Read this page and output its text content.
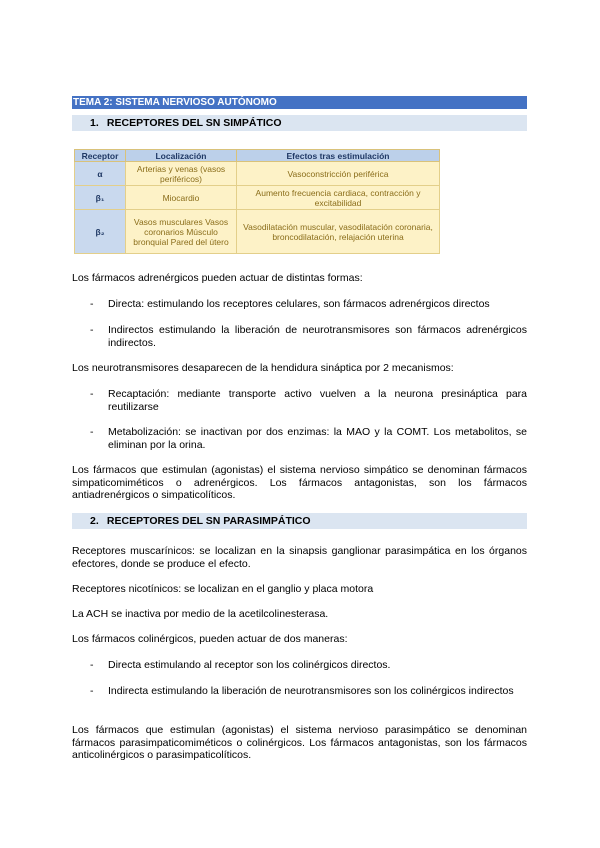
TEMA 2: SISTEMA NERVIOSO AUTÓNOMO
1. RECEPTORES DEL SN SIMPÁTICO
Receptor	Localización	Efectos tras estimulación
α	Arterias y venas (vasos periféricos)	Vasoconstricción periférica
β₁	Miocardio	Aumento frecuencia cardiaca, contracción y excitabilidad
β₂	Vasos musculares Vasos coronarios Músculo bronquial Pared del útero	Vasodilatación muscular, vasodilatación coronaria, broncodilatación, relajación uterina
Los fármacos adrenérgicos pueden actuar de distintas formas:
- Directa: estimulando los receptores celulares, son fármacos adrenérgicos directos
- Indirectos estimulando la liberación de neurotransmisores son fármacos adrenérgicos indirectos.
Los neurotransmisores desaparecen de la hendidura sináptica por 2 mecanismos:
- Recaptación: mediante transporte activo vuelven a la neurona presináptica para reutilizarse
- Metabolización: se inactivan por dos enzimas: la MAO y la COMT. Los metabolitos, se eliminan por la orina.
Los fármacos que estimulan (agonistas) el sistema nervioso simpático se denominan fármacos simpaticomiméticos o adrenérgicos. Los fármacos antagonistas, son los fármacos antiadrenérgicos o simpaticolíticos.
2. RECEPTORES DEL SN PARASIMPÁTICO
Receptores muscarínicos: se localizan en la sinapsis ganglionar parasimpática en los órganos efectores, donde se produce el efecto.
Receptores nicotínicos: se localizan en el ganglio y placa motora
La ACH se inactiva por medio de la acetilcolinesterasa.
Los fármacos colinérgicos, pueden actuar de dos maneras:
- Directa estimulando al receptor son los colinérgicos directos.
- Indirecta estimulando la liberación de neurotransmisores son los colinérgicos indirectos
Los fármacos que estimulan (agonistas) el sistema nervioso parasimpático se denominan fármacos parasimpaticomiméticos o colinérgicos. Los fármacos antagonistas, son los fármacos anticolinérgicos o parasimpaticolíticos.
